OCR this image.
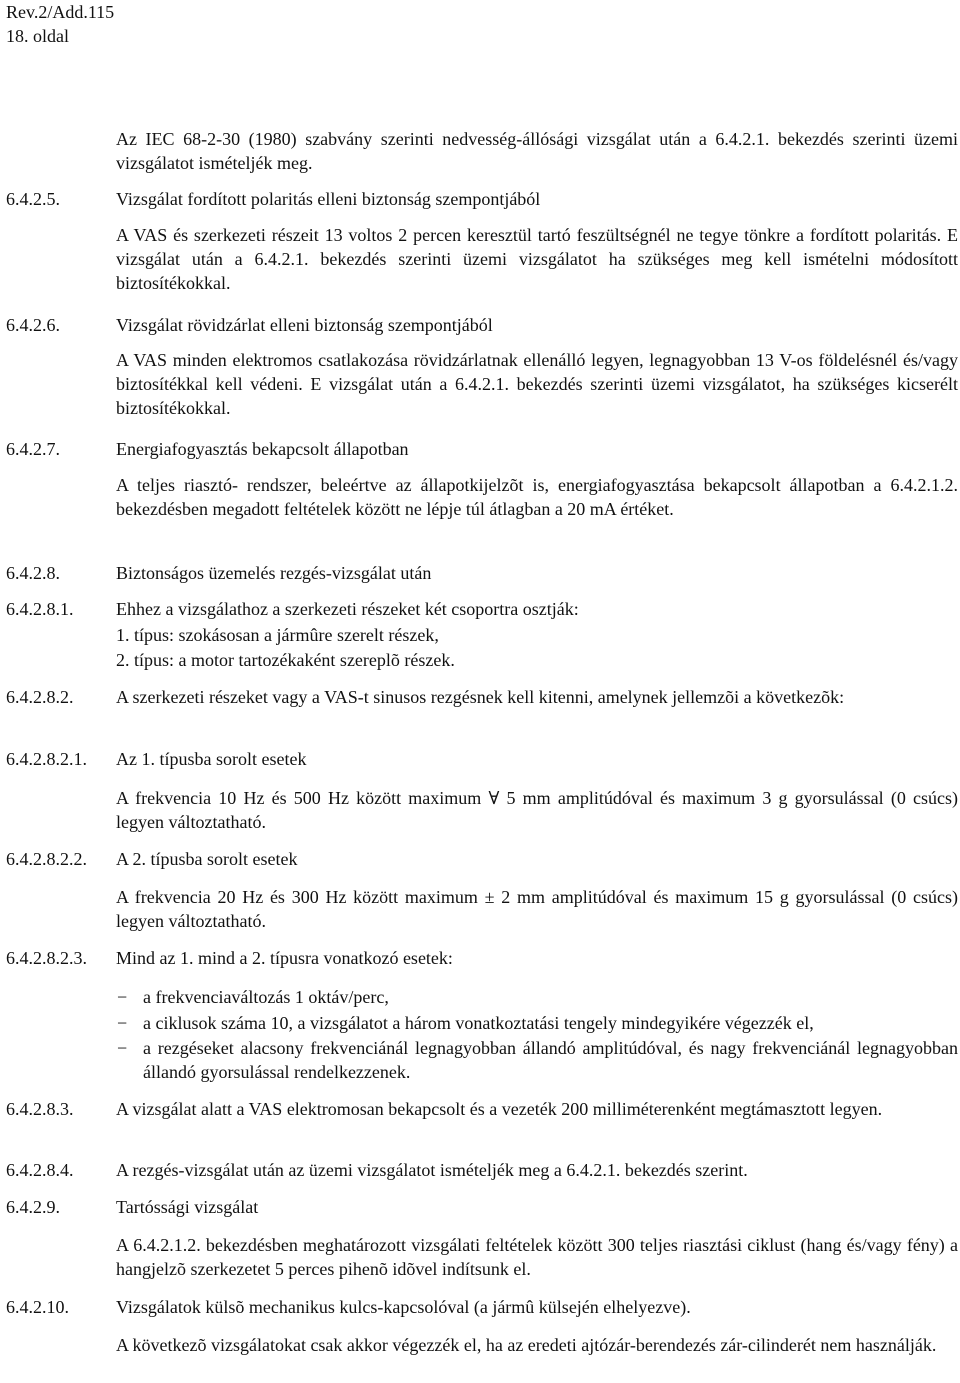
Rev.2/Add.115
18. oldal
Az IEC 68-2-30 (1980) szabvány szerinti nedvesség-állósági vizsgálat után a 6.4.2.1. bekezdés szerinti üzemi vizsgálatot ismételjék meg.
6.4.2.5.	Vizsgálat fordított polaritás elleni biztonság szempontjából
A VAS és szerkezeti részeit 13 voltos 2 percen keresztül tartó feszültségnél ne tegye tönkre a fordított polaritás. E vizsgálat után a 6.4.2.1. bekezdés szerinti üzemi vizsgálatot ha szükséges meg kell ismételni módosított biztosítékokkal.
6.4.2.6.	Vizsgálat rövidzárlat elleni biztonság szempontjából
A VAS minden elektromos csatlakozása rövidzárlatnak ellenálló legyen, legnagyobban 13 V-os földelésnél és/vagy biztosítékkal kell védeni. E vizsgálat után a 6.4.2.1. bekezdés szerinti üzemi vizsgálatot, ha szükséges kicserélt biztosítékokkal.
6.4.2.7.	Energiafogyasztás bekapcsolt állapotban
A teljes riasztó- rendszer, beleértve az állapotkijelzõt is, energiafogyasztása bekapcsolt állapotban a 6.4.2.1.2. bekezdésben megadott feltételek között ne lépje túl átlagban a 20 mA értéket.
6.4.2.8.	Biztonságos üzemelés rezgés-vizsgálat után
6.4.2.8.1. Ehhez a vizsgálathoz a szerkezeti részeket két csoportra osztják:
1. típus: szokásosan a jármûre szerelt részek,
2. típus: a motor tartozékaként szereplõ részek.
6.4.2.8.2. A szerkezeti részeket vagy a VAS-t sinusos rezgésnek kell kitenni, amelynek jellemzõi a következõk:
6.4.2.8.2.1. Az 1. típusba sorolt esetek
A frekvencia 10 Hz és 500 Hz között maximum ∀ 5 mm amplitúdóval és maximum 3 g gyorsulással (0 csúcs) legyen változtatható.
6.4.2.8.2.2. A 2. típusba sorolt esetek
A frekvencia 20 Hz és 300 Hz között maximum ± 2 mm amplitúdóval és maximum 15 g gyorsulással (0 csúcs) legyen változtatható.
6.4.2.8.2.3. Mind az 1. mind a 2. típusra vonatkozó esetek:
− a frekvenciaváltozás 1 oktáv/perc,
− a ciklusok száma 10, a vizsgálatot a három vonatkoztatási tengely mindegyikére végezzék el,
− a rezgéseket alacsony frekvenciánál legnagyobban állandó amplitúdóval, és nagy frekvenciánál legnagyobban állandó gyorsulással rendelkezzenek.
6.4.2.8.3. A vizsgálat alatt a VAS elektromosan bekapcsolt és a vezeték 200 milliméterenként megtámasztott legyen.
6.4.2.8.4. A rezgés-vizsgálat után az üzemi vizsgálatot ismételjék meg a 6.4.2.1. bekezdés szerint.
6.4.2.9.	Tartóssági vizsgálat
A 6.4.2.1.2. bekezdésben meghatározott vizsgálati feltételek között 300 teljes riasztási ciklust (hang és/vagy fény) a hangjelzõ szerkezetet 5 perces pihenõ idõvel indítsunk el.
6.4.2.10.	Vizsgálatok külsõ mechanikus kulcs-kapcsolóval (a jármû külsején elhelyezve).
A következõ vizsgálatokat csak akkor végezzék el, ha az eredeti ajtózár-berendezés zár-cilinderét nem használják.
